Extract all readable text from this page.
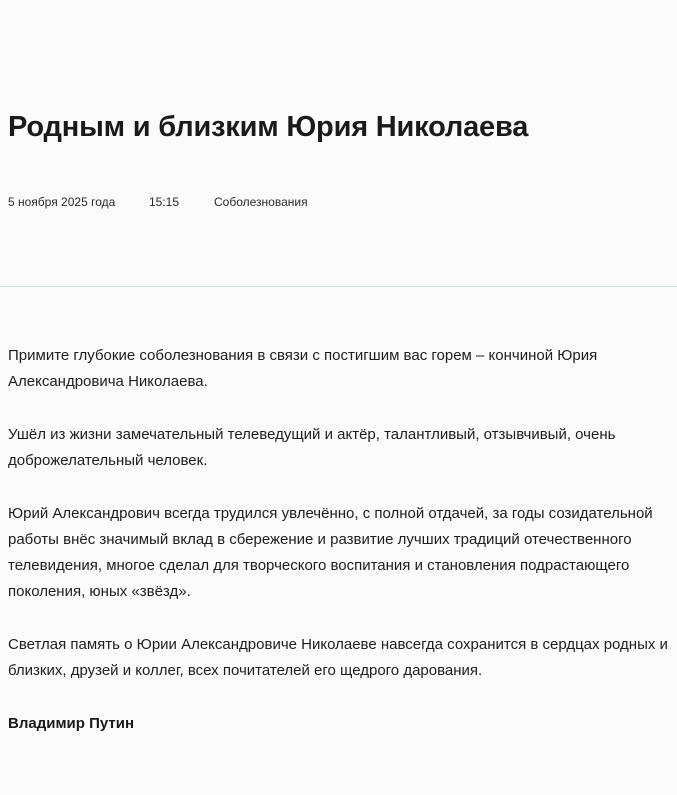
Родным и близким Юрия Николаева
5 ноября 2025 года	15:15	Соболезнования

Примите глубокие соболезнования в связи с постигшим вас горем – кончиной Юрия Александровича Николаева.

Ушёл из жизни замечательный телеведущий и актёр, талантливый, отзывчивый, очень доброжелательный человек.

Юрий Александрович всегда трудился увлечённо, с полной отдачей, за годы созидательной работы внёс значимый вклад в сбережение и развитие лучших традиций отечественного телевидения, многое сделал для творческого воспитания и становления подрастающего поколения, юных «звёзд».

Светлая память о Юрии Александровиче Николаеве навсегда сохранится в сердцах родных и близких, друзей и коллег, всех почитателей его щедрого дарования.

Владимир Путин
